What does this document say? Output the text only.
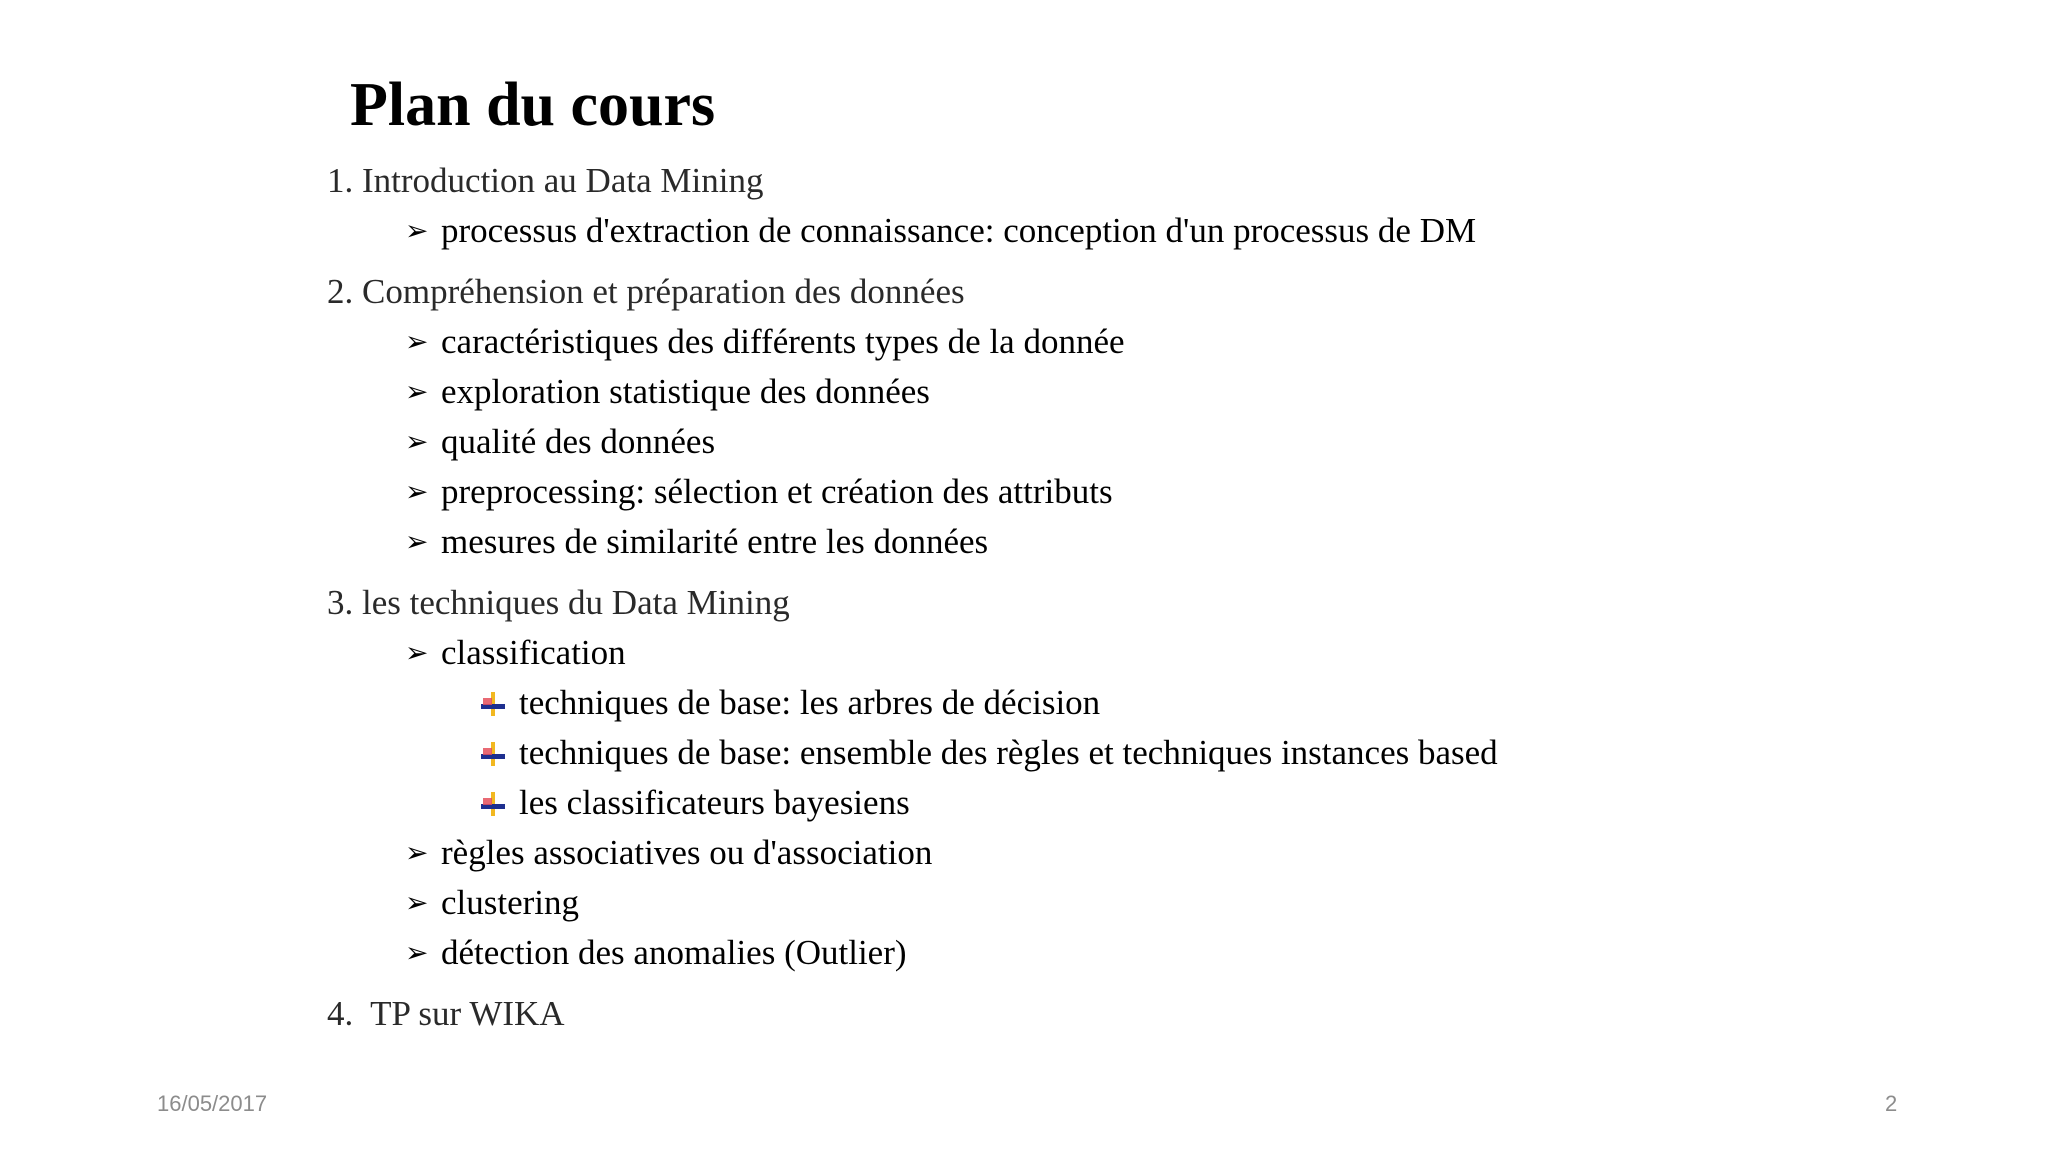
Plan du cours
1. Introduction au Data Mining
➢ processus d'extraction de connaissance: conception d'un processus de DM
2. Compréhension et préparation des données
➢ caractéristiques des différents types de la donnée
➢ exploration statistique des données
➢ qualité des données
➢ preprocessing: sélection et création des attributs
➢ mesures de similarité entre les données
3. les techniques du Data Mining
➢ classification
techniques de base: les arbres de décision
techniques de base: ensemble des règles et techniques instances based
les classificateurs bayesiens
➢ règles associatives ou d'association
➢ clustering
➢ détection des anomalies (Outlier)
4. TP sur WIKA
16/05/2017	2
